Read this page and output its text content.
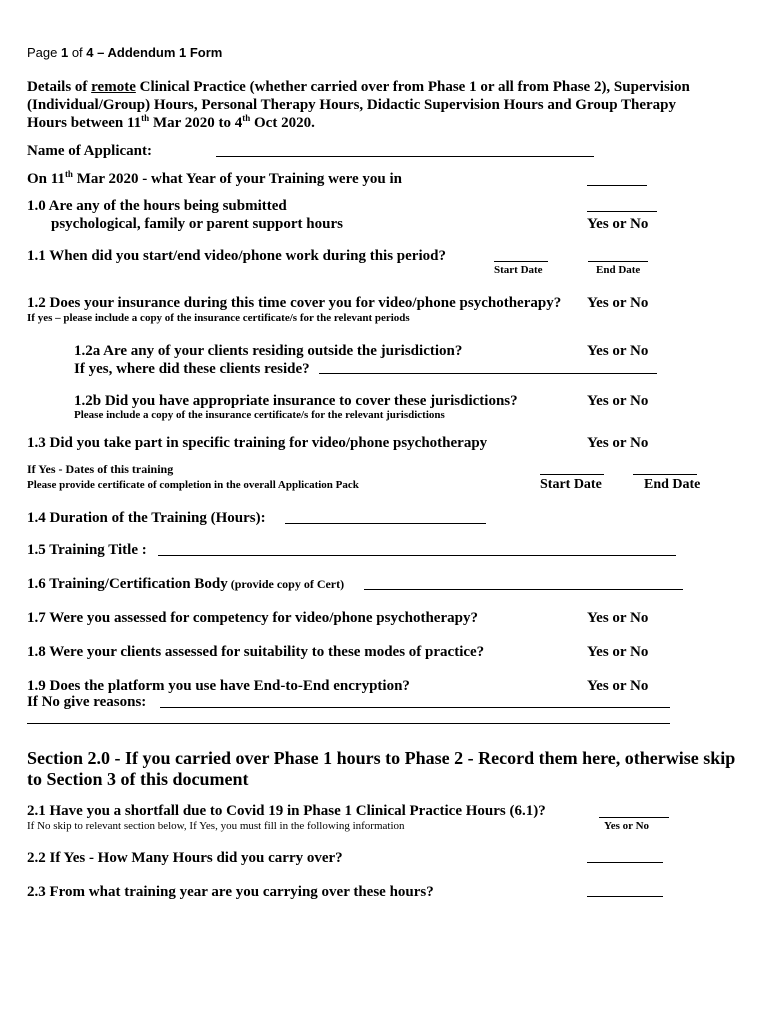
Page 1 of 4 – Addendum 1 Form
Details of remote Clinical Practice (whether carried over from Phase 1 or all from Phase 2), Supervision
(Individual/Group) Hours, Personal Therapy Hours, Didactic Supervision Hours and Group Therapy
Hours between 11th Mar 2020 to 4th Oct 2020.
Name of Applicant:
On 11th Mar 2020 - what Year of your Training were you in
1.0 Are any of the hours being submitted
psychological, family or parent support hours	Yes or No
1.1 When did you start/end video/phone work during this period?
Start Date	End Date
1.2 Does your insurance during this time cover you for video/phone psychotherapy? Yes or No
If yes – please include a copy of the insurance certificate/s for the relevant periods
1.2a Are any of your clients residing outside the jurisdiction?	Yes or No
If yes, where did these clients reside?
1.2b Did you have appropriate insurance to cover these jurisdictions?	Yes or No
Please include a copy of the insurance certificate/s for the relevant jurisdictions
1.3 Did you take part in specific training for video/phone psychotherapy	Yes or No
If Yes - Dates of this training
Please provide certificate of completion in the overall Application Pack	Start Date	End Date
1.4 Duration of the Training (Hours):
1.5 Training Title :
1.6 Training/Certification Body (provide copy of Cert)
1.7 Were you assessed for competency for video/phone psychotherapy?	Yes or No
1.8 Were your clients assessed for suitability to these modes of practice?	Yes or No
1.9 Does the platform you use have End-to-End encryption?	Yes or No
If No give reasons:
Section 2.0 - If you carried over Phase 1 hours to Phase 2 - Record them here, otherwise skip
to Section 3 of this document
2.1 Have you a shortfall due to Covid 19 in Phase 1 Clinical Practice Hours (6.1)?
If No skip to relevant section below, If Yes, you must fill in the following information	Yes or No
2.2 If Yes - How Many Hours did you carry over?
2.3 From what training year are you carrying over these hours?
